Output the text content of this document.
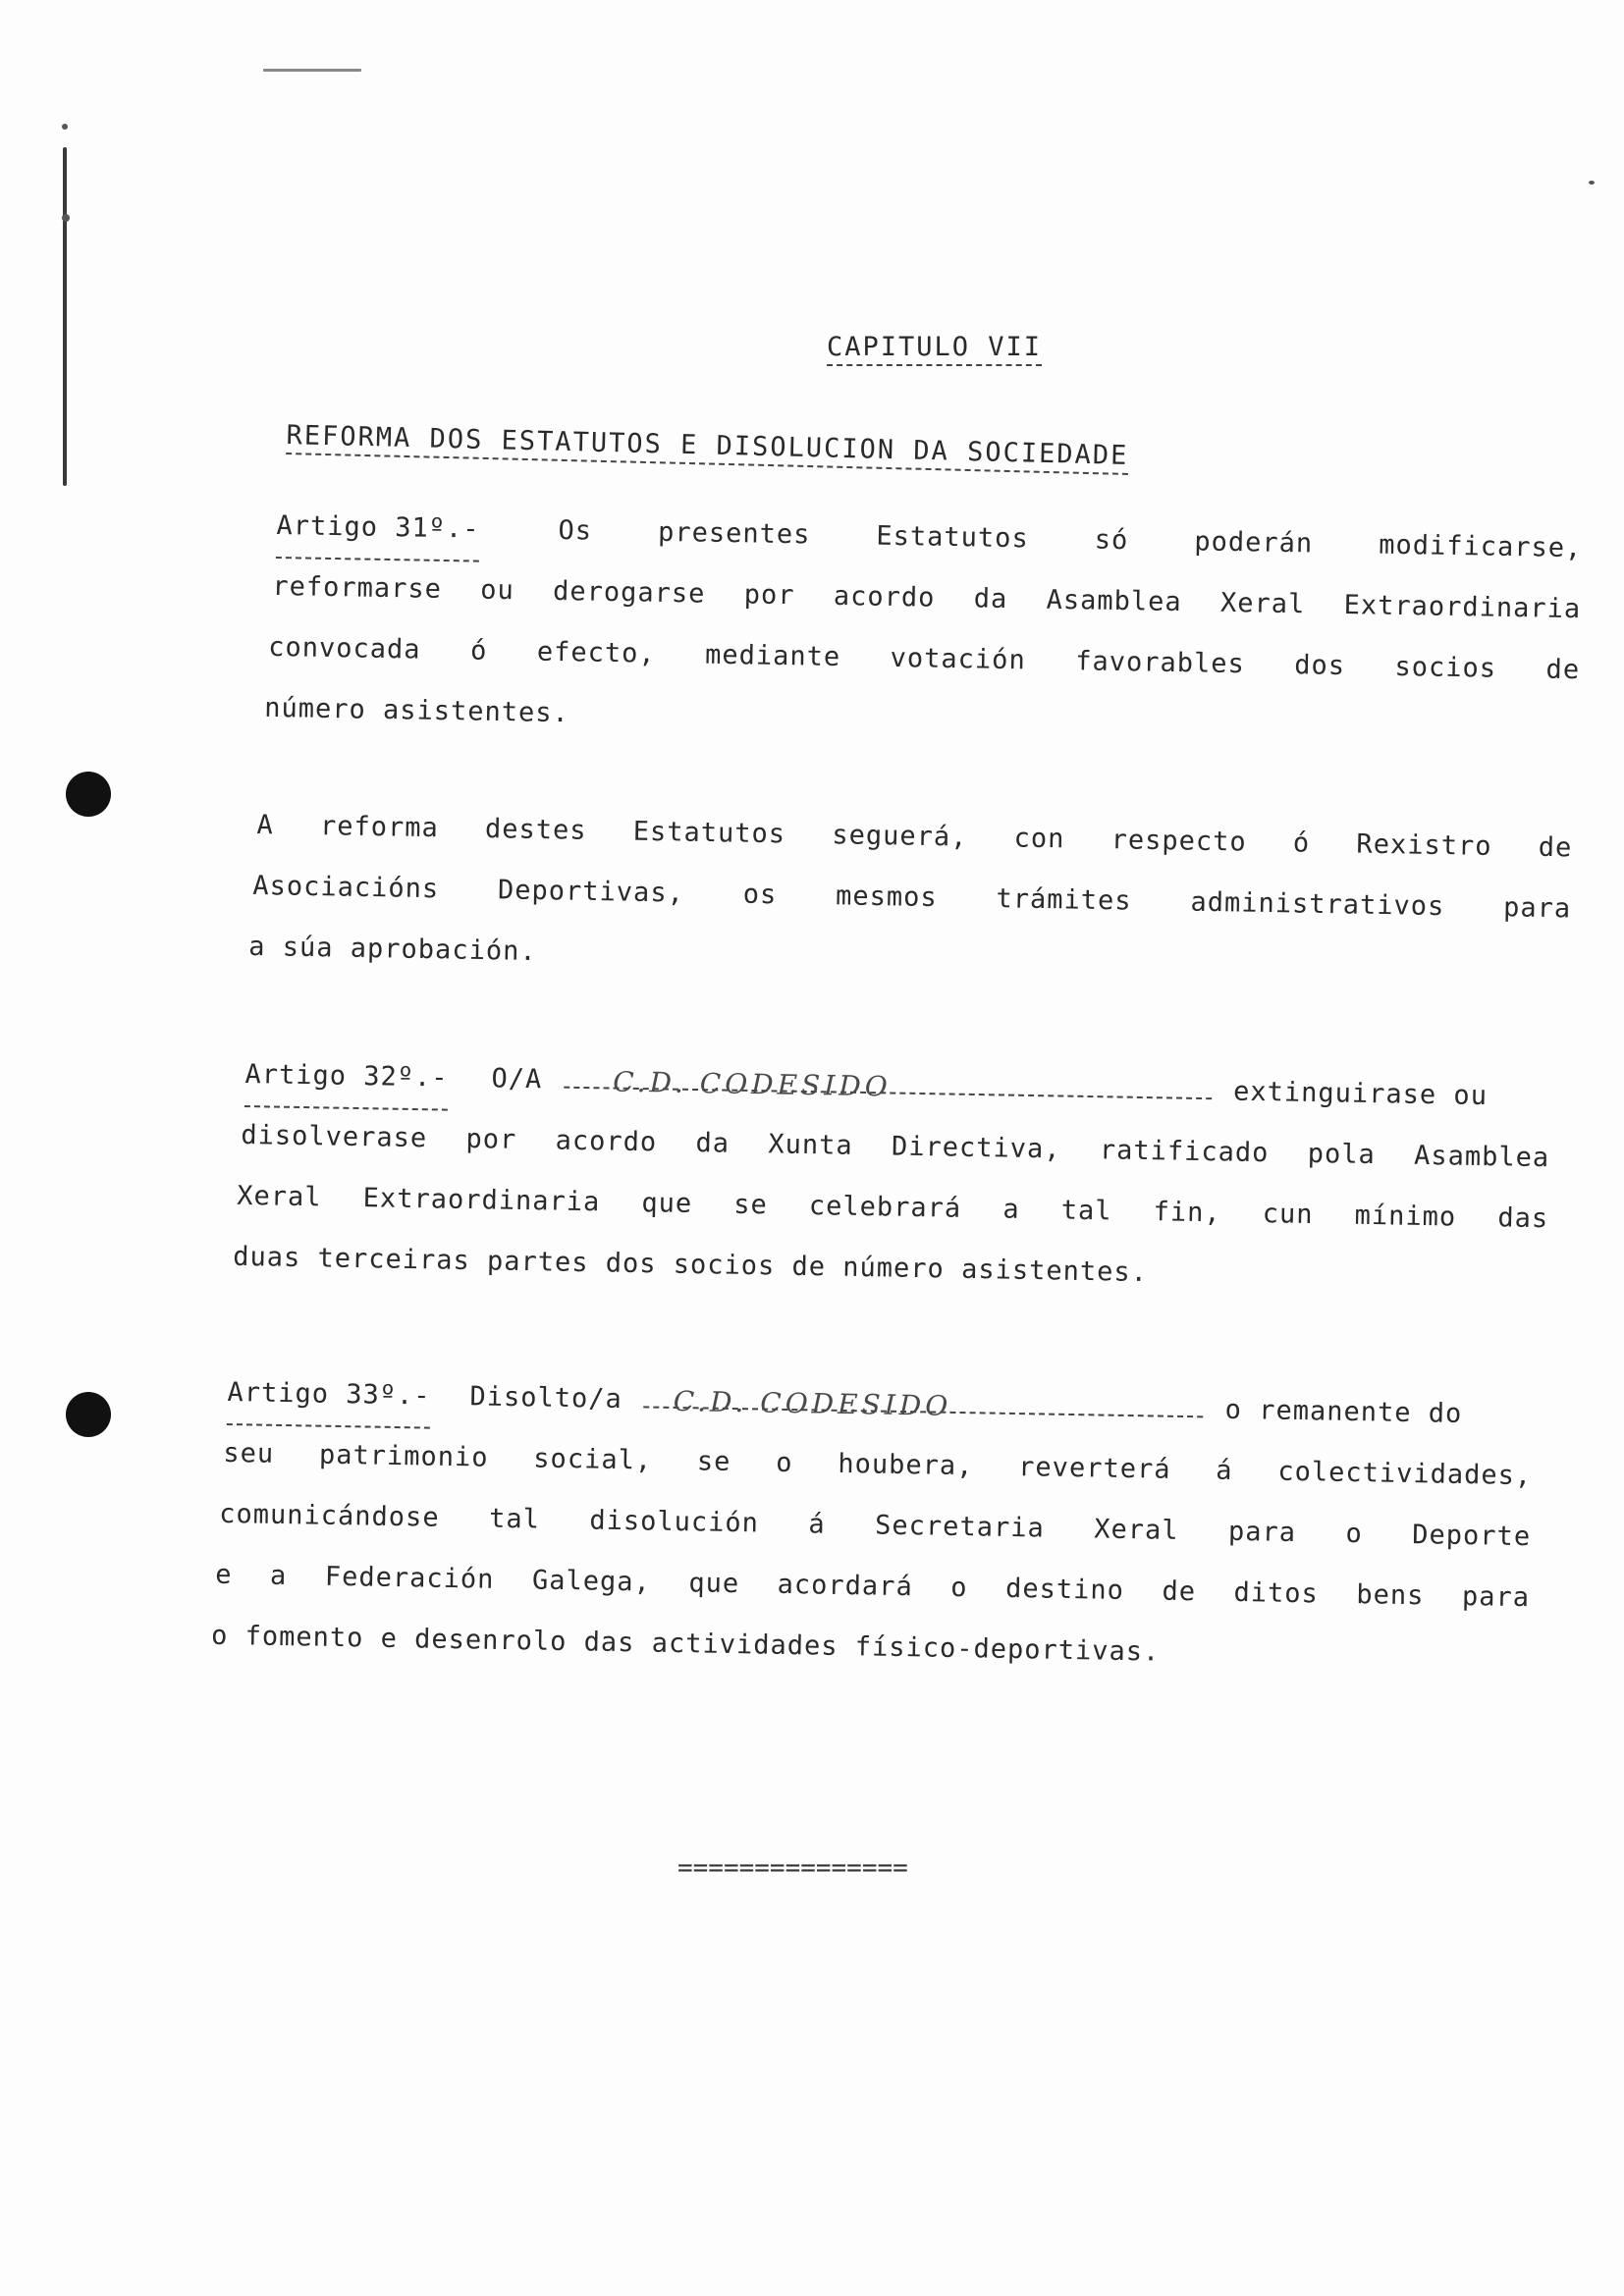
CAPITULO VII
REFORMA DOS ESTATUTOS E DISOLUCION DA SOCIEDADE
Artigo 31º.-	Os presentes Estatutos só poderán modificarse,
reformarse ou derogarse por acordo da Asamblea Xeral Extraordinaria
convocada ó efecto, mediante votación favorables dos socios de
número asistentes.
A reforma destes Estatutos seguerá, con respecto ó Rexistro de
Asociacións Deportivas, os mesmos trámites administrativos para
a súa aprobación.
Artigo 32º.- O/A	C.D. CODESIDO	extinguirase ou
disolverase por acordo da Xunta Directiva, ratificado pola Asamblea
Xeral Extraordinaria que se celebrará a tal fin, cun mínimo das
duas terceiras partes dos socios de número asistentes.
Artigo 33º.- Disolto/a C.D. CODESIDO	o remanente do
seu patrimonio social, se o houbera, reverterá á colectividades,
comunicándose tal disolución á Secretaria Xeral para o Deporte
e a Federación Galega, que acordará o destino de ditos bens para
o fomento e desenrolo das actividades físico-deportivas.
===============
